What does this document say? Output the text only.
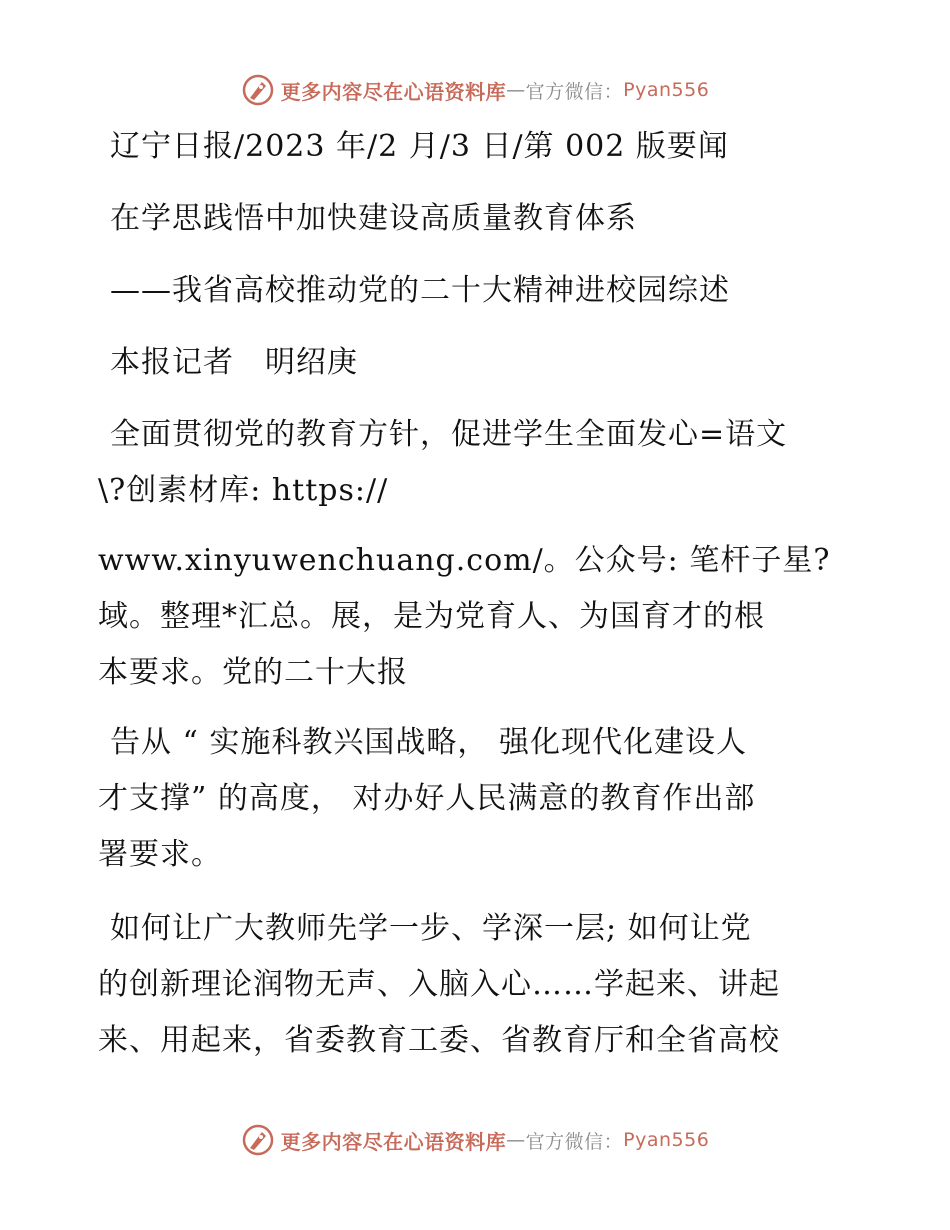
更多内容尽在心语资料库 — 官方微信： Pyan556
辽宁日报/2023 年/2 月/3 日/第 002 版要闻
在学思践悟中加快建设高质量教育体系
——我省高校推动党的二十大精神进校园综述
本报记者　明绍庚
全面贯彻党的教育方针，促进学生全面发心=语文
\?创素材库: https://
www.xinyuwenchuang.com/。公众号: 笔杆子星?
域。整理*汇总。展，是为党育人、为国育才的根
本要求。党的二十大报
告从 “ 实施科教兴国战略， 强化现代化建设人
才支撑” 的高度， 对办好人民满意的教育作出部
署要求。
如何让广大教师先学一步、学深一层; 如何让党
的创新理论润物无声、入脑入心……学起来、讲起
来、用起来，省委教育工委、省教育厅和全省高校
更多内容尽在心语资料库 — 官方微信： Pyan556
